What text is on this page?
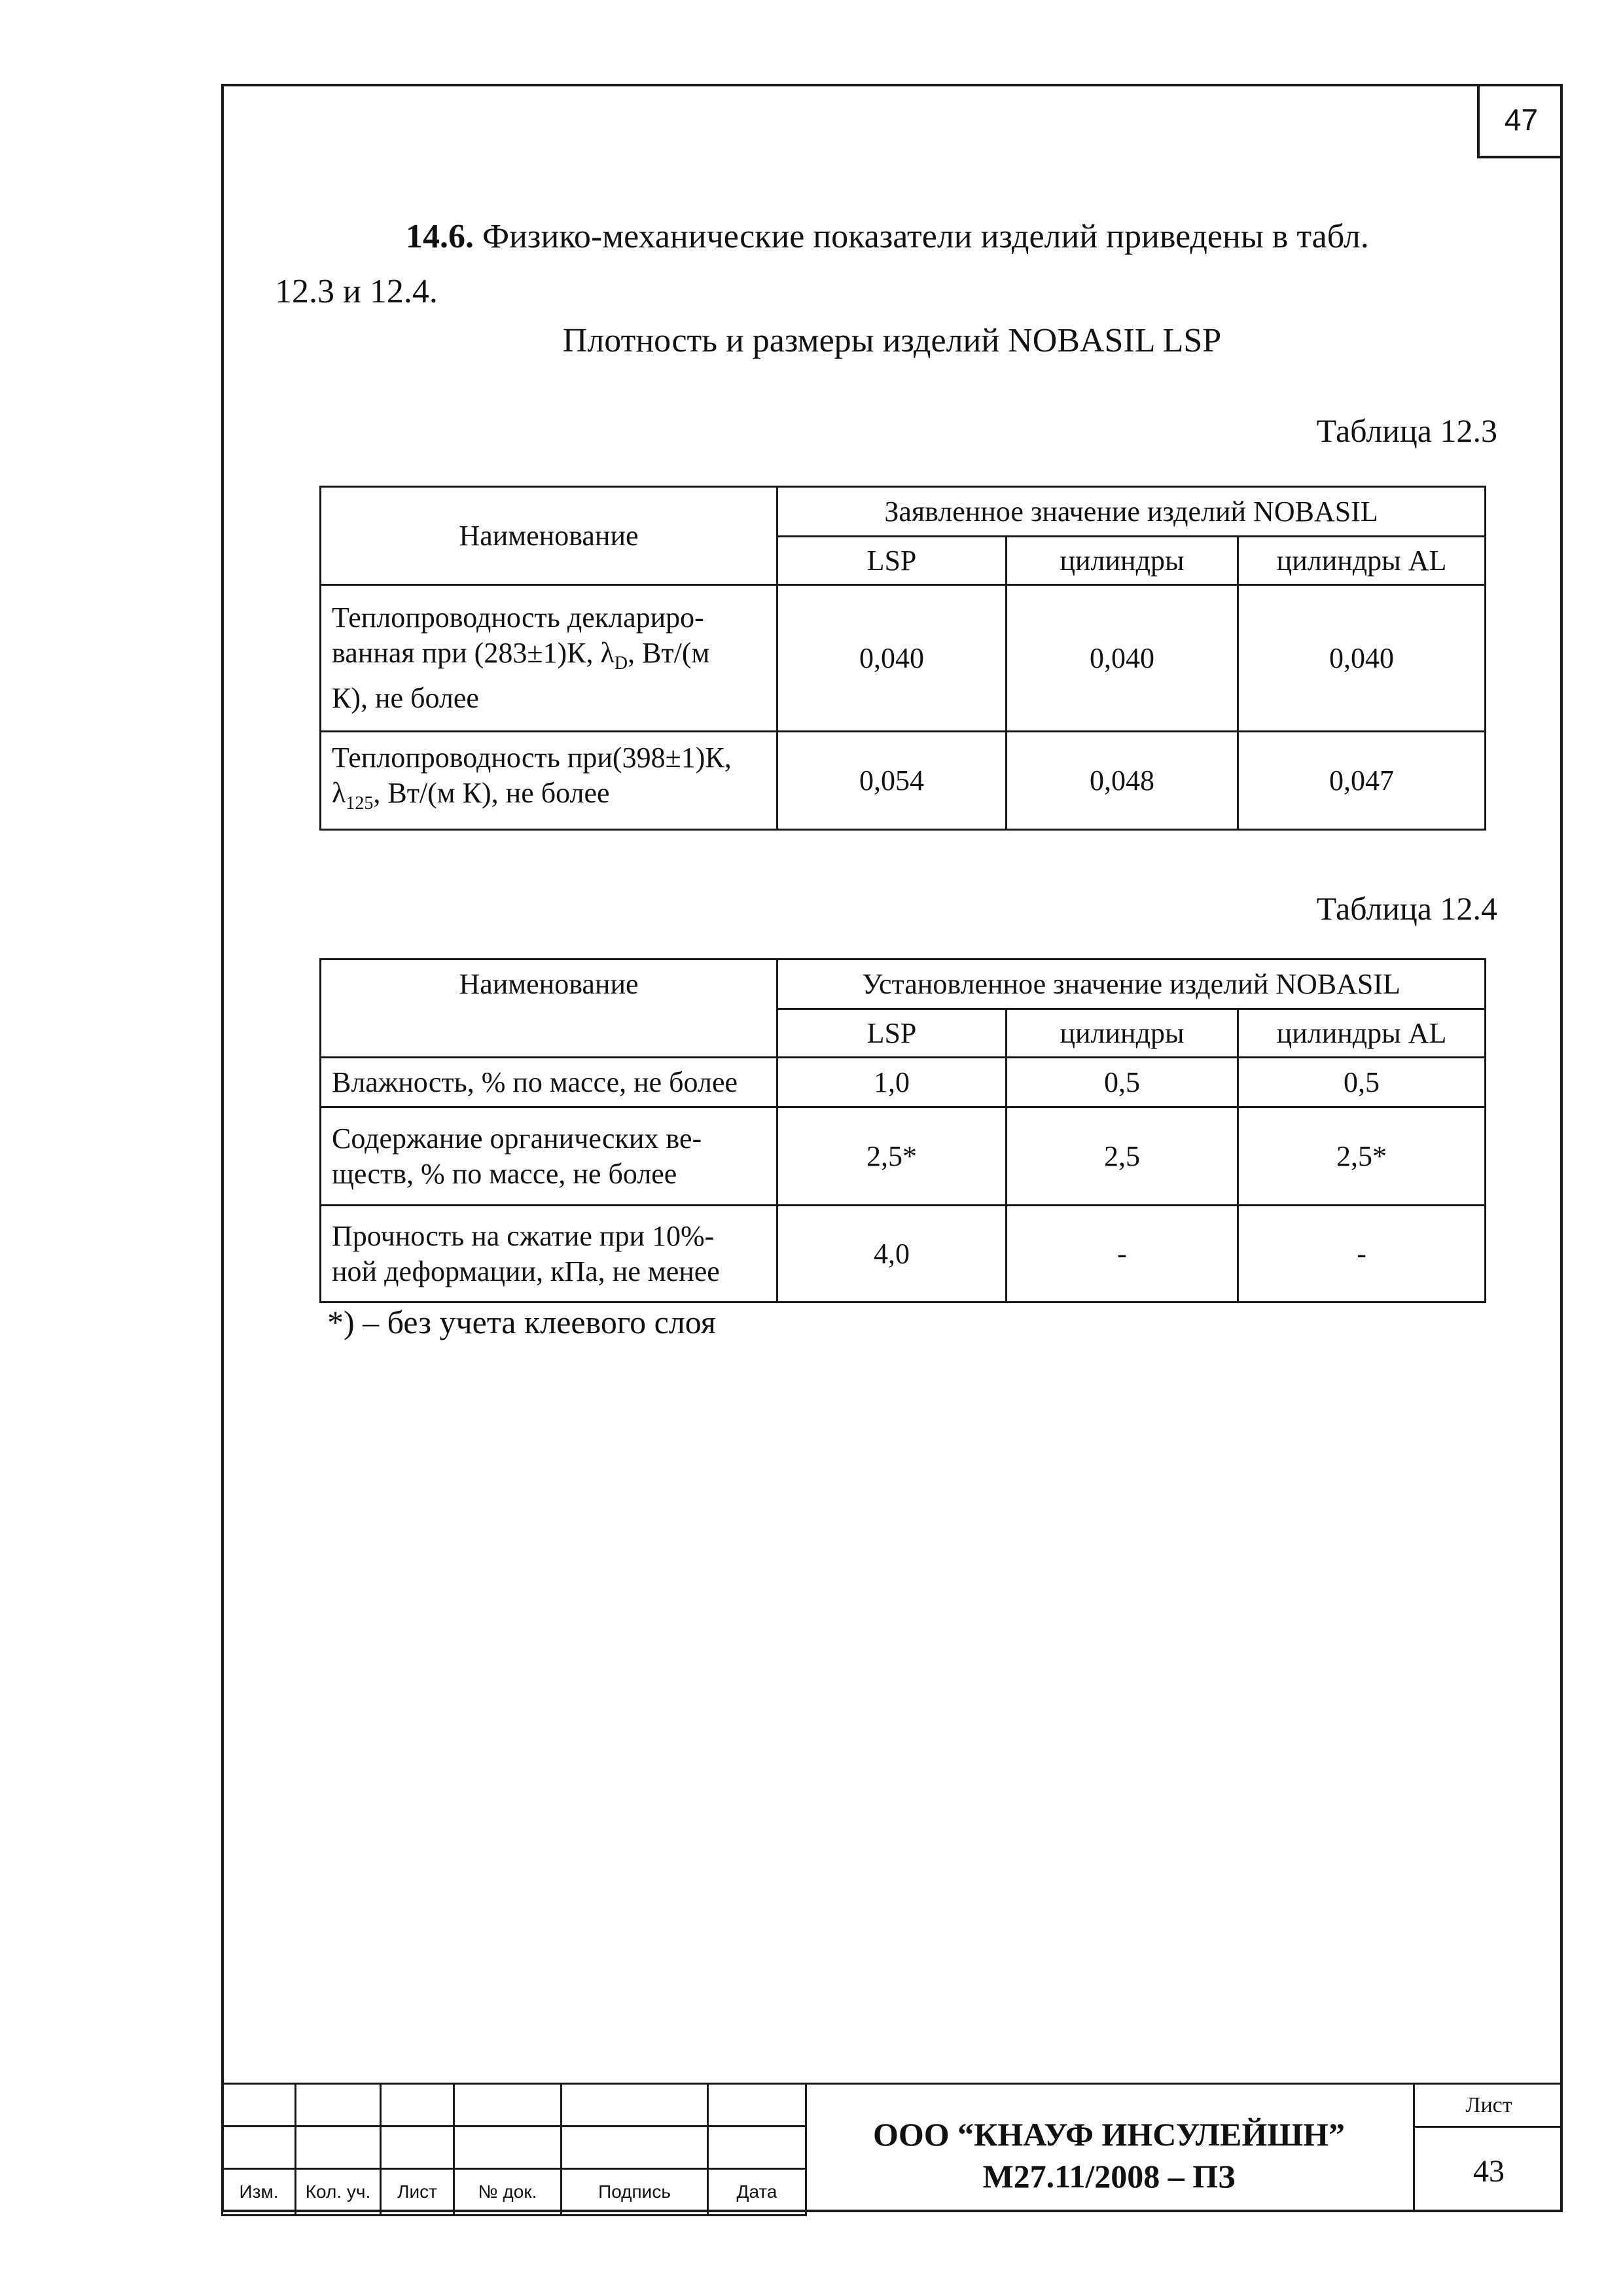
47
14.6. Физико-механические показатели изделий приведены в табл.
12.3 и 12.4.
Плотность и размеры изделий NOBASIL LSP
Таблица 12.3
Наименование	Заявленное значение изделий NOBASIL		
	LSP	цилиндры	цилиндры AL
Теплопроводность деклариро-
ванная при (283±1)К, $\lambda_D$, Вт/(м
К), не более	0,040	0,040	0,040
Теплопроводность при(398±1)К,
$\lambda_{125}$, Вт/(м К), не более	0,054	0,048	0,047
Таблица 12.4
Наименование	Установленное значение изделий NOBASIL		
	LSP	цилиндры	цилиндры AL
Влажность, % по массе, не более	1,0	0,5	0,5
Содержание органических ве-
ществ, % по массе, не более	2,5*	2,5	2,5*
Прочность на сжатие при 10%-
ной деформации, кПа, не менее	4,0	-	-
*) – без учета клеевого слоя

Изм.	Кол. уч.	Лист	№ док.	Подпись	Дата
ООО “КНАУФ ИНСУЛЕЙШН”
М27.11/2008 – ПЗ
Лист
43
